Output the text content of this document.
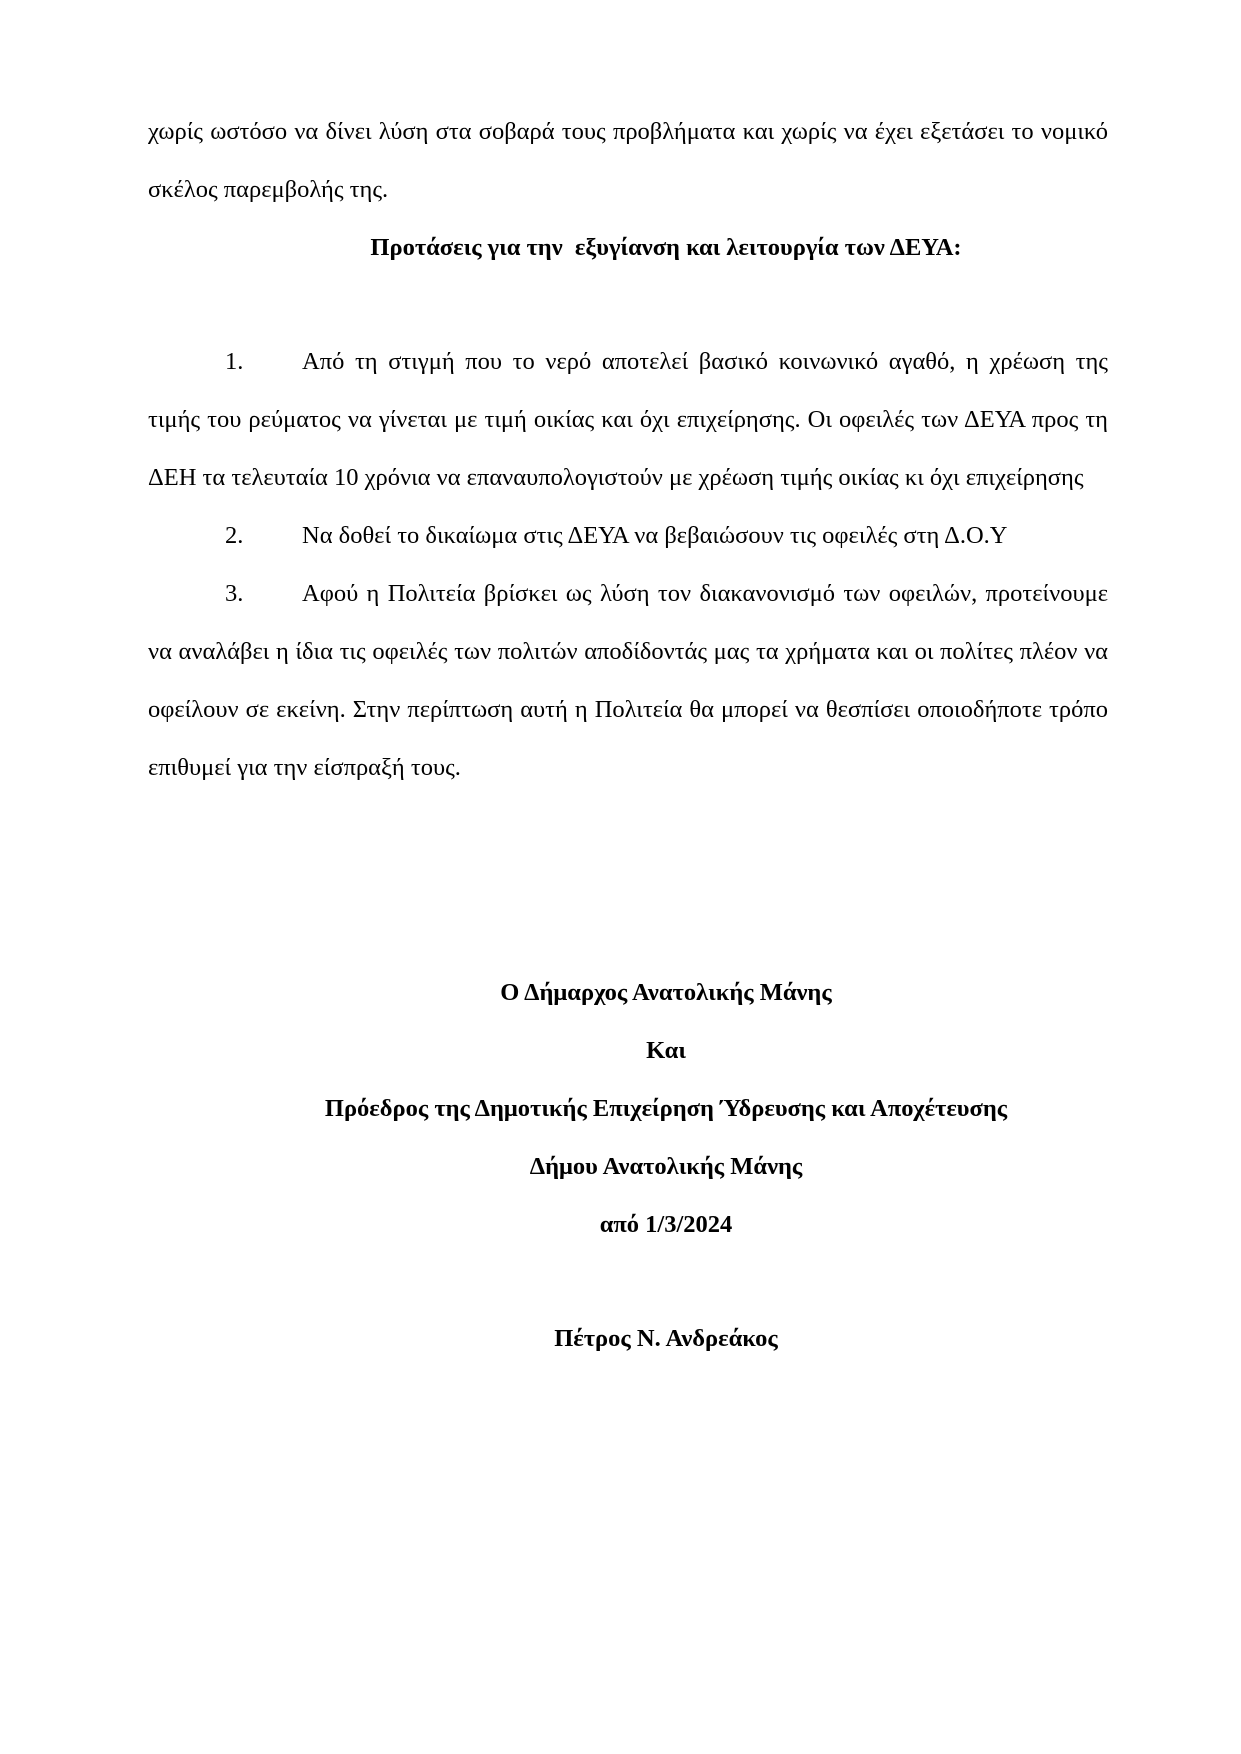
χωρίς ωστόσο να δίνει λύση στα σοβαρά τους προβλήματα και χωρίς να έχει εξετάσει το νομικό σκέλος παρεμβολής της.

Προτάσεις για την  εξυγίανση και λειτουργία των ΔΕΥΑ:

1. Από τη στιγμή που το νερό αποτελεί βασικό κοινωνικό αγαθό, η χρέωση της τιμής του ρεύματος να γίνεται με τιμή οικίας και όχι επιχείρησης. Οι οφειλές των ΔΕΥΑ προς τη ΔΕΗ τα τελευταία 10 χρόνια να επαναυπολογιστούν με χρέωση τιμής οικίας κι όχι επιχείρησης

2. Να δοθεί το δικαίωμα στις ΔΕΥΑ να βεβαιώσουν τις οφειλές στη Δ.Ο.Υ

3. Αφού η Πολιτεία βρίσκει ως λύση τον διακανονισμό των οφειλών, προτείνουμε να αναλάβει η ίδια τις οφειλές των πολιτών αποδίδοντάς μας τα χρήματα και οι πολίτες πλέον να οφείλουν σε εκείνη. Στην περίπτωση αυτή η Πολιτεία θα μπορεί να θεσπίσει οποιοδήποτε τρόπο επιθυμεί για την είσπραξή τους.

Ο Δήμαρχος Ανατολικής Μάνης
Και
Πρόεδρος της Δημοτικής Επιχείρηση Ύδρευσης και Αποχέτευσης
Δήμου Ανατολικής Μάνης
από 1/3/2024
Πέτρος Ν. Ανδρεάκος
